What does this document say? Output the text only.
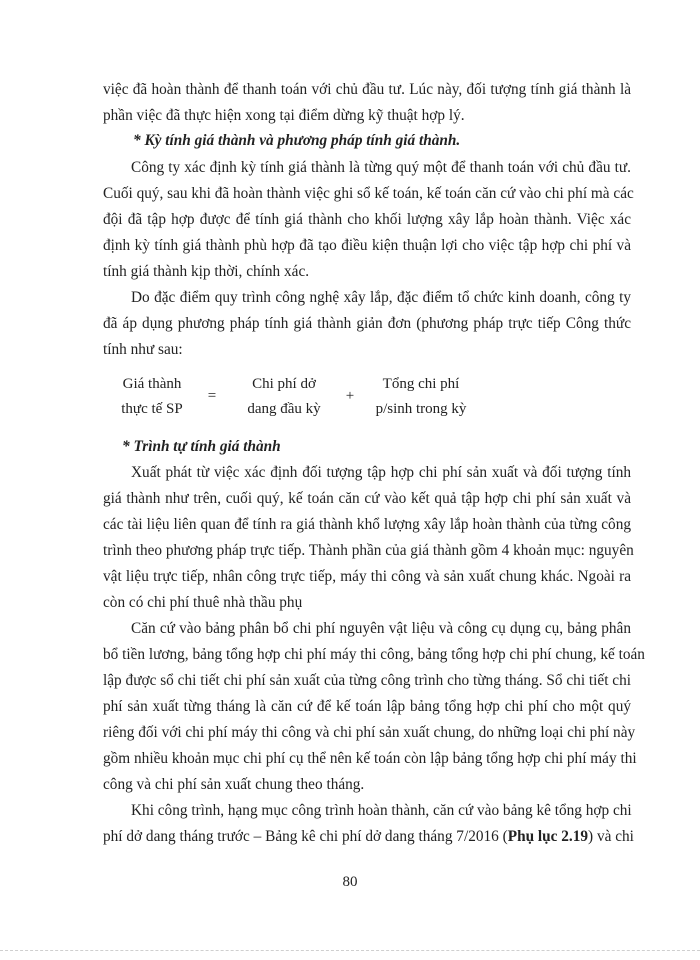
việc đã hoàn thành để thanh toán với chủ đầu tư. Lúc này, đối tượng tính giá thành là
phần việc đã thực hiện xong tại điểm dừng kỹ thuật hợp lý.
* Kỳ tính giá thành và phương pháp tính giá thành.
Công ty xác định kỳ tính giá thành là từng quý một để thanh toán với chủ đầu tư.
Cuối quý, sau khi đã hoàn thành việc ghi sổ kế toán, kế toán căn cứ vào chi phí mà các
đội đã tập hợp được để tính giá thành cho khối lượng xây lắp hoàn thành. Việc xác
định kỳ tính giá thành phù hợp đã tạo điều kiện thuận lợi cho việc tập hợp chi phí và
tính giá thành kịp thời, chính xác.
Do đặc điểm quy trình công nghệ xây lắp, đặc điểm tổ chức kinh doanh, công ty
đã áp dụng phương pháp tính giá thành giản đơn (phương pháp trực tiếp Công thức
tính như sau:
Giá thành
thực tế SP
=
Chi phí dở
dang đầu kỳ
+
Tổng chi phí
p/sinh trong kỳ
* Trình tự tính giá thành
Xuất phát từ việc xác định đối tượng tập hợp chi phí sản xuất và đối tượng tính
giá thành như trên, cuối quý, kế toán căn cứ vào kết quả tập hợp chi phí sản xuất và
các tài liệu liên quan để tính ra giá thành khổ lượng xây lắp hoàn thành của từng công
trình theo phương pháp trực tiếp. Thành phần của giá thành gồm 4 khoản mục: nguyên
vật liệu trực tiếp, nhân công trực tiếp, máy thi công và sản xuất chung khác. Ngoài ra
còn có chi phí thuê nhà thầu phụ
Căn cứ vào bảng phân bổ chi phí nguyên vật liệu và công cụ dụng cụ, bảng phân
bổ tiền lương, bảng tổng hợp chi phí máy thi công, bảng tổng hợp chi phí chung, kế toán
lập được sổ chi tiết chi phí sản xuất của từng công trình cho từng tháng. Sổ chi tiết chi
phí sản xuất từng tháng là căn cứ để kế toán lập bảng tổng hợp chi phí cho một quý
riêng đối với chi phí máy thi công và chi phí sản xuất chung, do những loại chi phí này
gồm nhiều khoản mục chi phí cụ thể nên kế toán còn lập bảng tổng hợp chi phí máy thi
công và chi phí sản xuất chung theo tháng.
Khi công trình, hạng mục công trình hoàn thành, căn cứ vào bảng kê tổng hợp chi
phí dở dang tháng trước – Bảng kê chi phí dở dang tháng 7/2016 (Phụ lục 2.19) và chi
80
